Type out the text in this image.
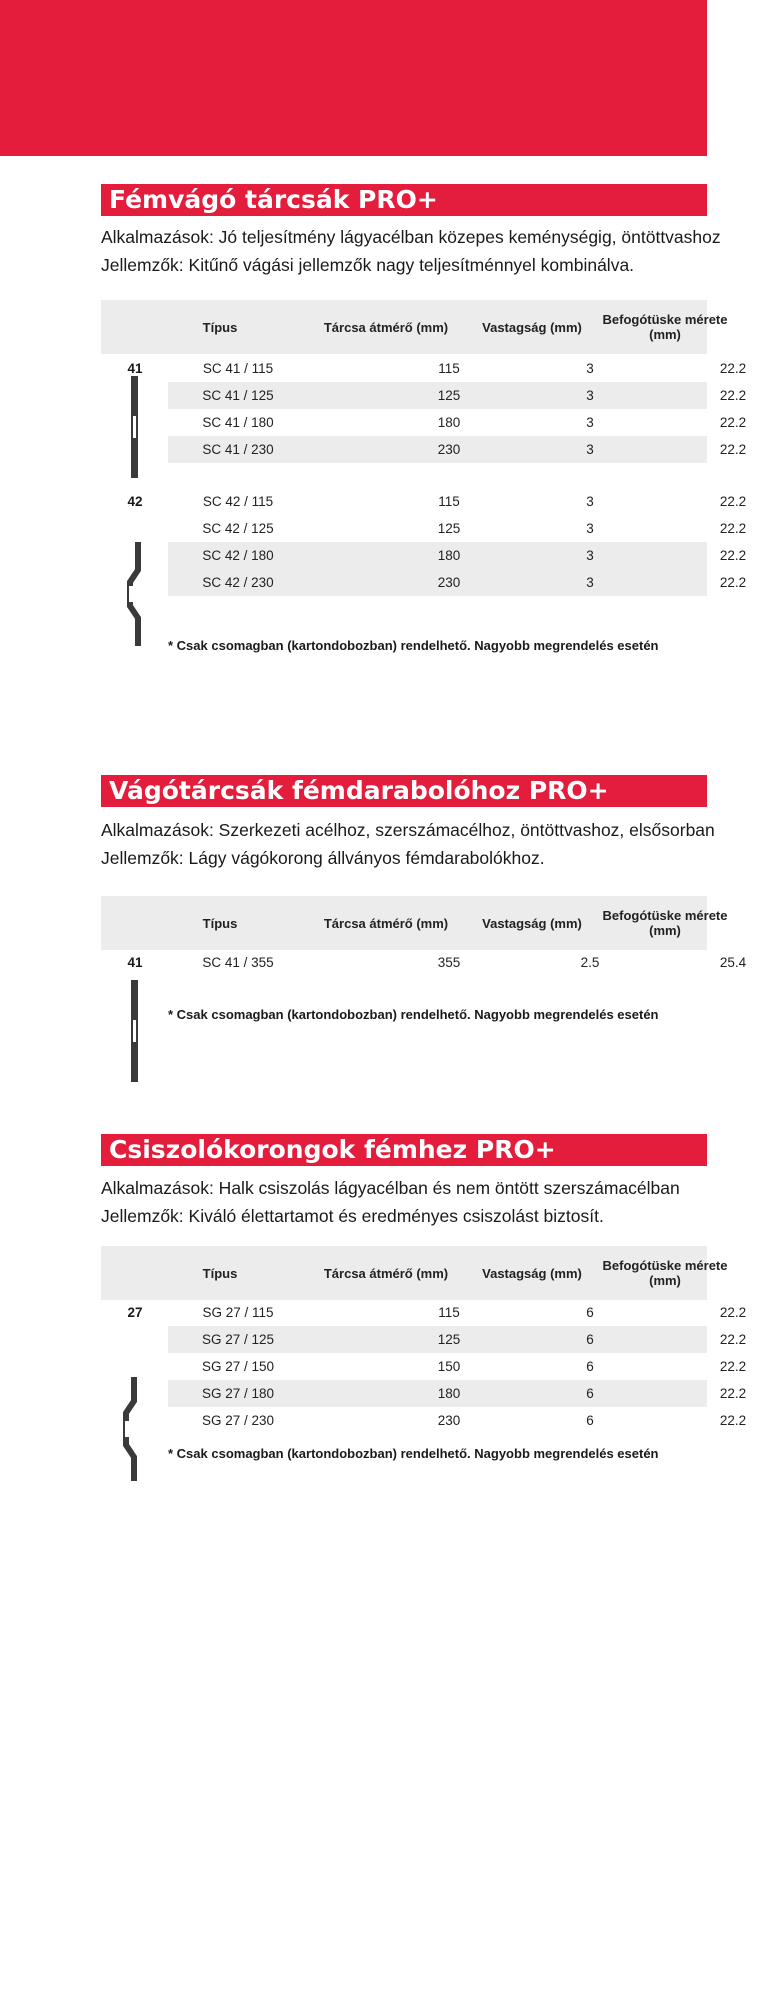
Fémvágó tárcsák PRO+
Alkalmazások: Jó teljesítmény lágyacélban közepes keménységig, öntöttvashoz
Jellemzők: Kitűnő vágási jellemzők nagy teljesítménnyel kombinálva.
Típus	Tárcsa átmérő (mm)	Vastagság (mm)	Befogótüske mérete (mm)
41	SC 41 / 115	115	3	22.2
SC 41 / 125	125	3	22.2
SC 41 / 180	180	3	22.2
SC 41 / 230	230	3	22.2
42	SC 42 / 115	115	3	22.2
SC 42 / 125	125	3	22.2
SC 42 / 180	180	3	22.2
SC 42 / 230	230	3	22.2
* Csak csomagban (kartondobozban) rendelhető. Nagyobb megrendelés esetén
Vágótárcsák fémdarabolóhoz PRO+
Alkalmazások: Szerkezeti acélhoz, szerszámacélhoz, öntöttvashoz, elsősorban
Jellemzők: Lágy vágókorong állványos fémdarabolókhoz.
Típus	Tárcsa átmérő (mm)	Vastagság (mm)	Befogótüske mérete (mm)
41	SC 41 / 355	355	2.5	25.4
* Csak csomagban (kartondobozban) rendelhető. Nagyobb megrendelés esetén
Csiszolókorongok fémhez PRO+
Alkalmazások: Halk csiszolás lágyacélban és nem öntött szerszámacélban
Jellemzők: Kiváló élettartamot és eredményes csiszolást biztosít.
Típus	Tárcsa átmérő (mm)	Vastagság (mm)	Befogótüske mérete (mm)
27	SG 27 / 115	115	6	22.2
SG 27 / 125	125	6	22.2
SG 27 / 150	150	6	22.2
SG 27 / 180	180	6	22.2
SG 27 / 230	230	6	22.2
* Csak csomagban (kartondobozban) rendelhető. Nagyobb megrendelés esetén
